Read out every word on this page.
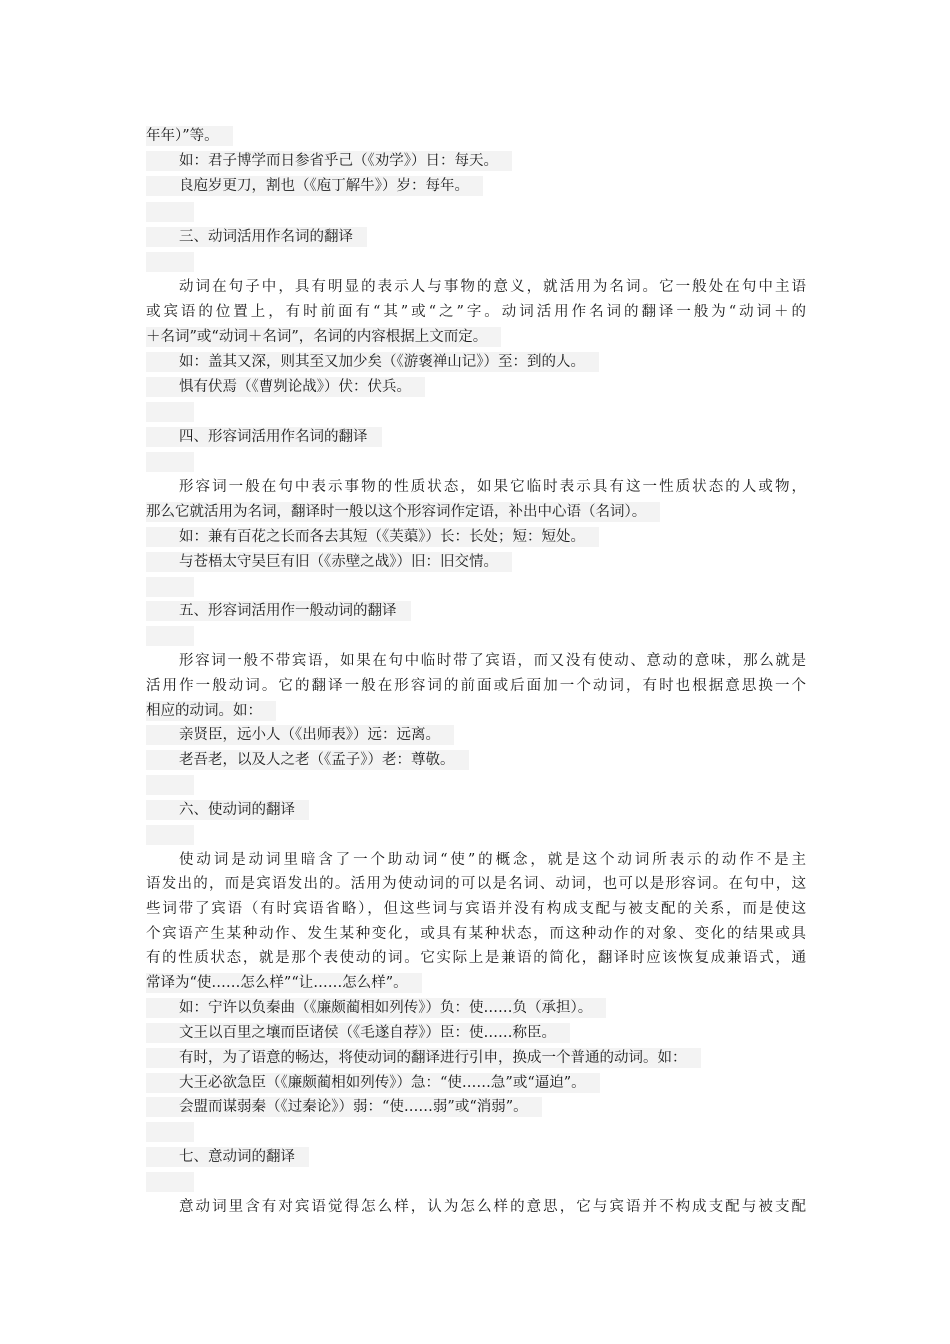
年年）”等。
如：君子博学而日参省乎己（《劝学》）日：每天。
良庖岁更刀，割也（《庖丁解牛》）岁：每年。
三、动词活用作名词的翻译
动词在句子中，具有明显的表示人与事物的意义，就活用为名词。它一般处在句中主语
或宾语的位置上，有时前面有“其”或“之”字。动词活用作名词的翻译一般为“动词＋的
＋名词”或“动词＋名词”，名词的内容根据上文而定。
如：盖其又深，则其至又加少矣（《游褒禅山记》）至：到的人。
惧有伏焉（《曹刿论战》）伏：伏兵。
四、形容词活用作名词的翻译
形容词一般在句中表示事物的性质状态，如果它临时表示具有这一性质状态的人或物，
那么它就活用为名词，翻译时一般以这个形容词作定语，补出中心语（名词）。
如：兼有百花之长而各去其短（《芙蕖》）长：长处；短：短处。
与苍梧太守吴巨有旧（《赤壁之战》）旧：旧交情。
五、形容词活用作一般动词的翻译
形容词一般不带宾语，如果在句中临时带了宾语，而又没有使动、意动的意味，那么就是
活用作一般动词。它的翻译一般在形容词的前面或后面加一个动词，有时也根据意思换一个
相应的动词。如：
亲贤臣，远小人（《出师表》）远：远离。
老吾老，以及人之老（《孟子》）老：尊敬。
六、使动词的翻译
使动词是动词里暗含了一个助动词“使”的概念，就是这个动词所表示的动作不是主
语发出的，而是宾语发出的。活用为使动词的可以是名词、动词，也可以是形容词。在句中，这
些词带了宾语（有时宾语省略），但这些词与宾语并没有构成支配与被支配的关系，而是使这
个宾语产生某种动作、发生某种变化，或具有某种状态，而这种动作的对象、变化的结果或具
有的性质状态，就是那个表使动的词。它实际上是兼语的简化，翻译时应该恢复成兼语式，通
常译为“使……怎么样”“让……怎么样”。
如：宁许以负秦曲（《廉颇蔺相如列传》）负：使……负（承担）。
文王以百里之壤而臣诸侯（《毛遂自荐》）臣：使……称臣。
有时，为了语意的畅达，将使动词的翻译进行引申，换成一个普通的动词。如：
大王必欲急臣（《廉颇蔺相如列传》）急：“使……急”或“逼迫”。
会盟而谋弱秦（《过秦论》）弱：“使……弱”或“消弱”。
七、意动词的翻译
意动词里含有对宾语觉得怎么样，认为怎么样的意思，它与宾语并不构成支配与被支配
